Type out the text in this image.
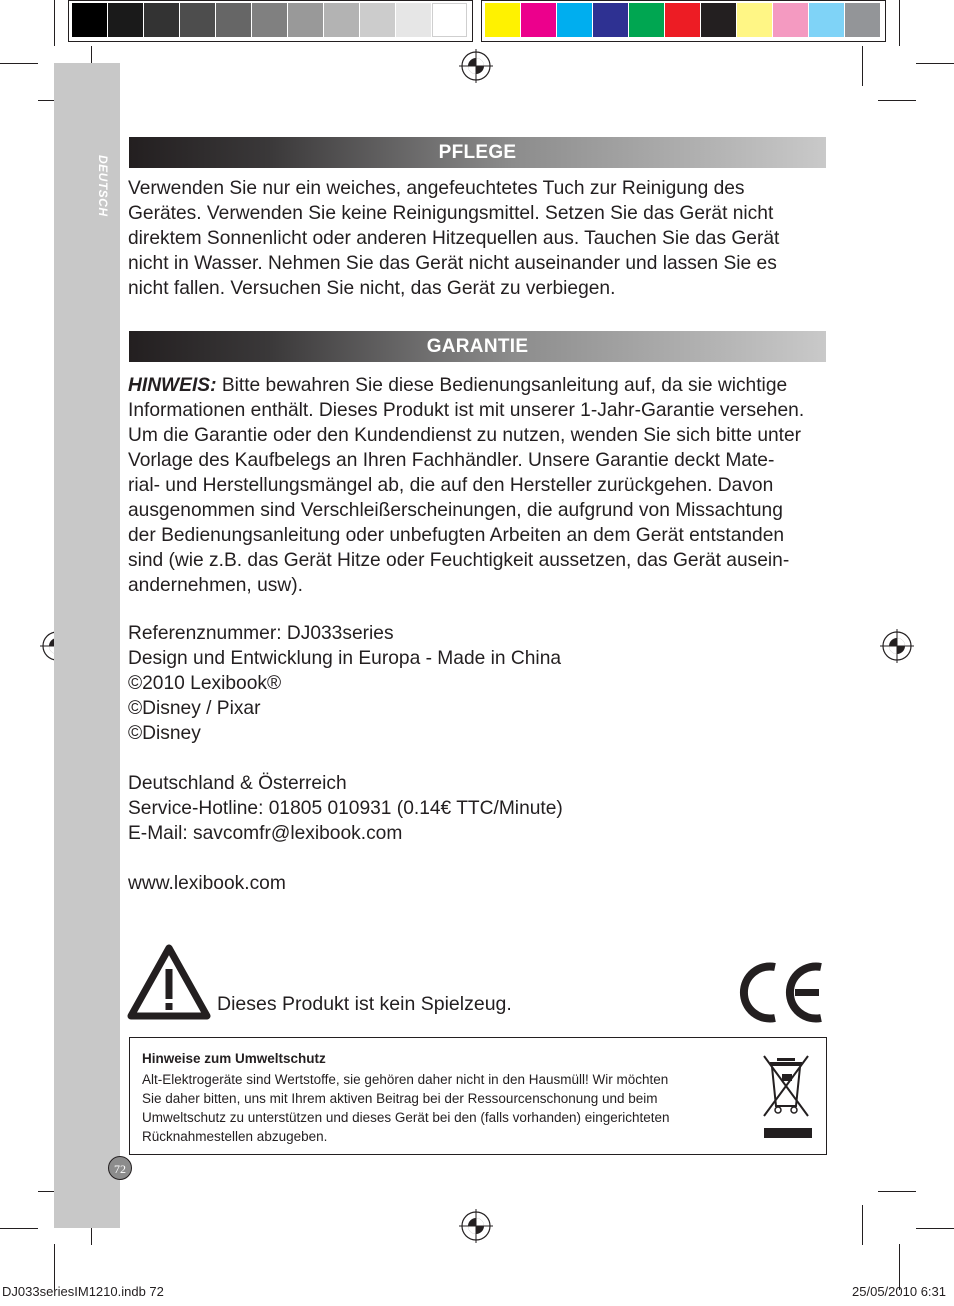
DEUTSCH
PFLEGE
Verwenden Sie nur ein weiches, angefeuchtetes Tuch zur Reinigung des
Gerätes. Verwenden Sie keine Reinigungsmittel. Setzen Sie das Gerät nicht
direktem Sonnenlicht oder anderen Hitzequellen aus. Tauchen Sie das Gerät
nicht in Wasser. Nehmen Sie das Gerät nicht auseinander und lassen Sie es
nicht fallen. Versuchen Sie nicht, das Gerät zu verbiegen.
GARANTIE
HINWEIS: Bitte bewahren Sie diese Bedienungsanleitung auf, da sie wichtige
Informationen enthält. Dieses Produkt ist mit unserer 1-Jahr-Garantie versehen.
Um die Garantie oder den Kundendienst zu nutzen, wenden Sie sich bitte unter
Vorlage des Kaufbelegs an Ihren Fachhändler. Unsere Garantie deckt Mate-
rial- und Herstellungsmängel ab, die auf den Hersteller zurückgehen. Davon
ausgenommen sind Verschleißerscheinungen, die aufgrund von Missachtung
der Bedienungsanleitung oder unbefugten Arbeiten an dem Gerät entstanden
sind (wie z.B. das Gerät Hitze oder Feuchtigkeit aussetzen, das Gerät ausein-
andernehmen, usw).
Referenznummer: DJ033series
Design und Entwicklung in Europa - Made in China
©2010 Lexibook®
©Disney / Pixar
©Disney
Deutschland & Österreich
Service-Hotline: 01805 010931 (0.14€ TTC/Minute)
E-Mail: savcomfr@lexibook.com
www.lexibook.com
Dieses Produkt ist kein Spielzeug.	CE
Hinweise zum Umweltschutz
Alt-Elektrogeräte sind Wertstoffe, sie gehören daher nicht in den Hausmüll! Wir möchten
Sie daher bitten, uns mit Ihrem aktiven Beitrag bei der Ressourcenschonung und beim
Umweltschutz zu unterstützen und dieses Gerät bei den (falls vorhanden) eingerichteten
Rücknahmestellen abzugeben.
72
DJ033seriesIM1210.indb 72	25/05/2010 6:31
